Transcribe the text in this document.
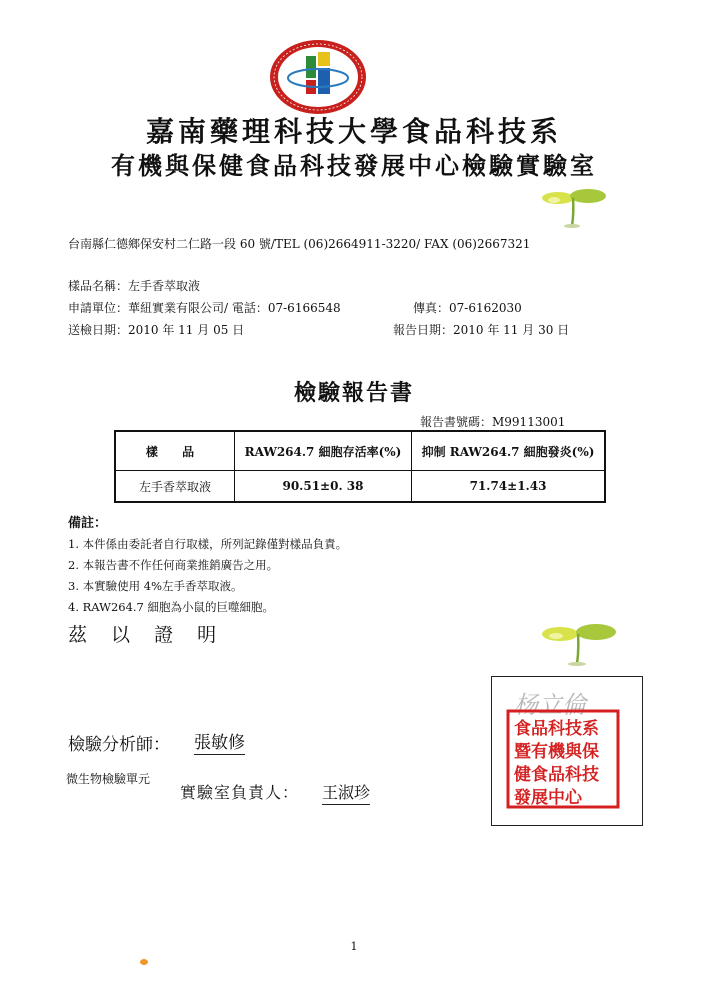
嘉南藥理科技大學食品科技系
有機與保健食品科技發展中心檢驗實驗室
台南縣仁德鄉保安村二仁路一段 60 號/TEL (06)2664911-3220/ FAX (06)2667321
樣品名稱：左手香萃取液
申請單位：華紐實業有限公司/ 電話：07-6166548	傳真：07-6162030
送檢日期：2010 年 11 月 05 日	報告日期：2010 年 11 月 30 日
檢驗報告書
報告書號碼：M99113001
樣 品	RAW264.7 細胞存活率(%)	抑制 RAW264.7 細胞發炎(%)
左手香萃取液	90.51±0. 38	71.74±1.43
備註：
1. 本件係由委託者自行取樣，所列記錄僅對樣品負責。
2. 本報告書不作任何商業推銷廣告之用。
3. 本實驗使用 4%左手香萃取液。
4. RAW264.7 細胞為小鼠的巨噬細胞。
茲 以 證 明
杨立倫
食品科技系
暨有機與保
健食品科技
發展中心
檢驗分析師： 張敏修
微生物檢驗單元
實驗室負責人： 王淑珍
1
